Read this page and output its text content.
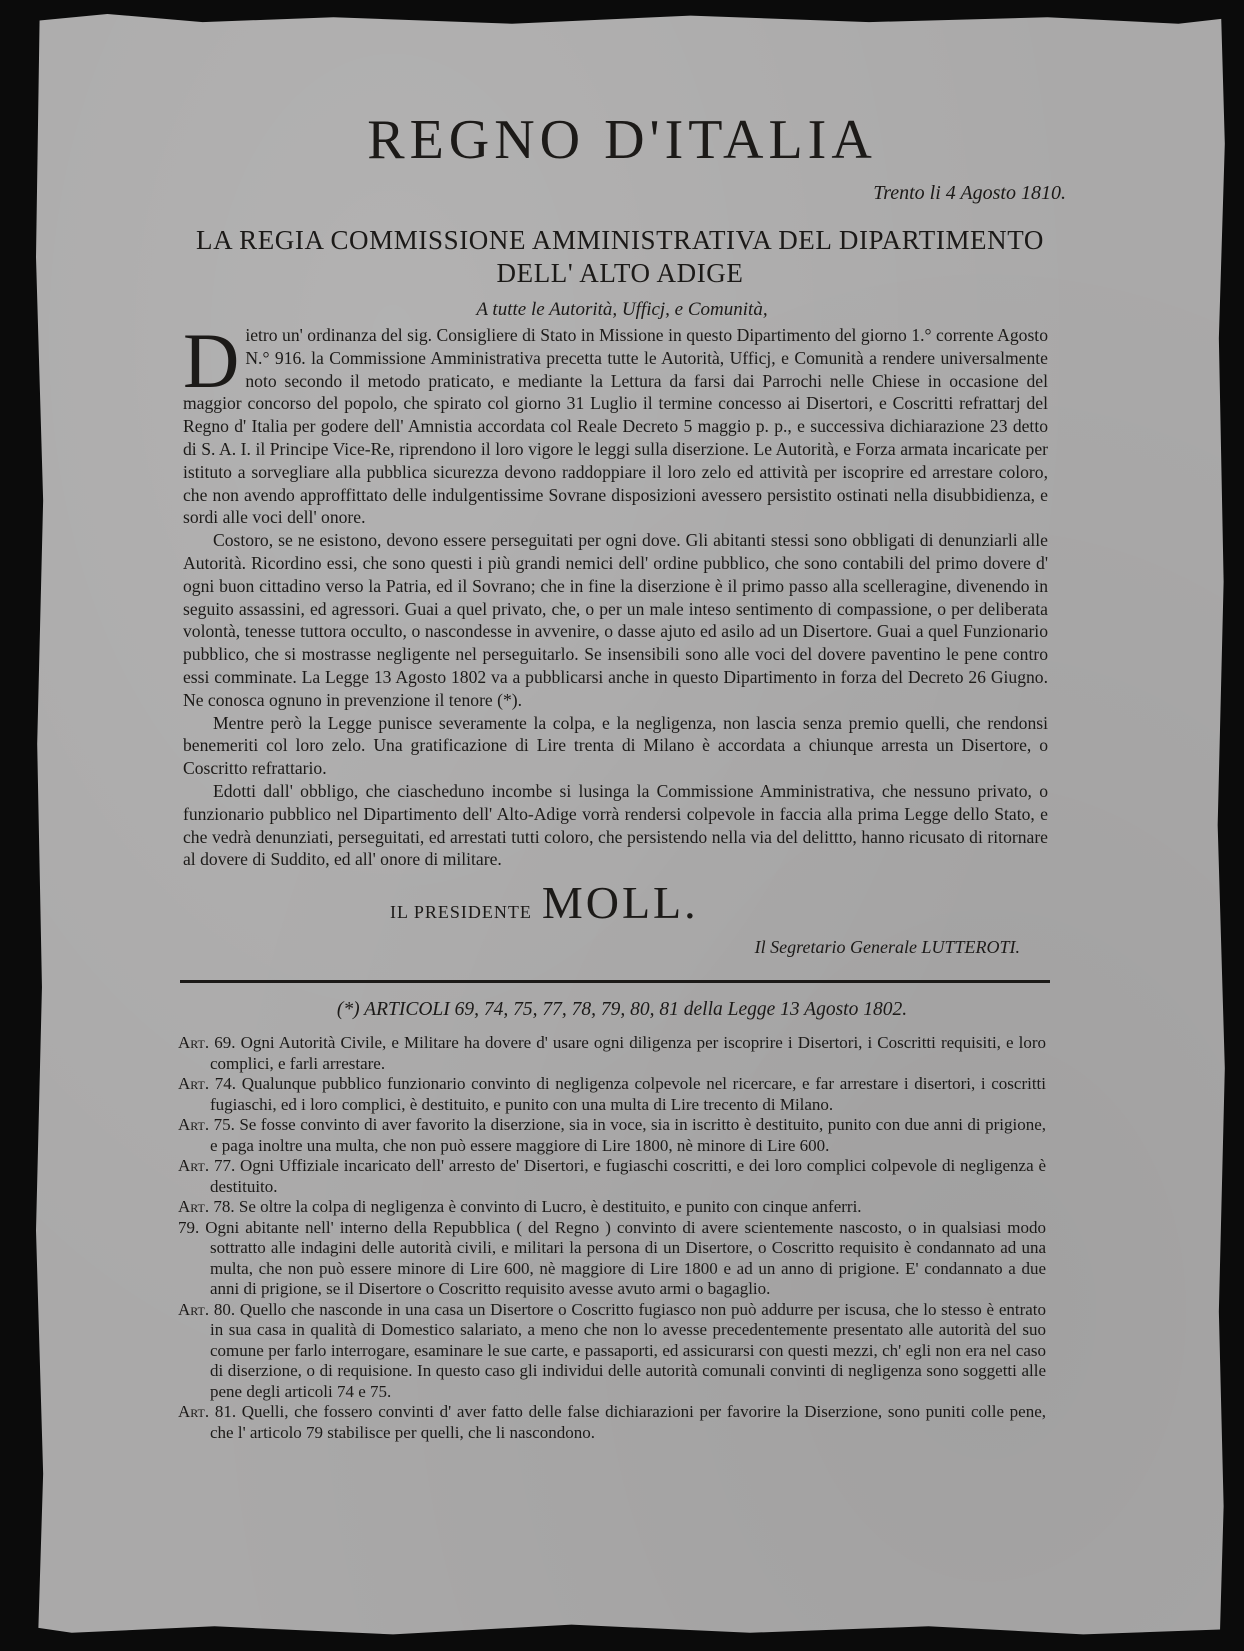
REGNO D'ITALIA
Trento li 4 Agosto 1810.
LA REGIA COMMISSIONE AMMINISTRATIVA DEL DIPARTIMENTO
DELL' ALTO ADIGE
A tutte le Autorità, Ufficj, e Comunità,

Dietro un' ordinanza del sig. Consigliere di Stato in Missione in questo Dipartimento del giorno 1.° corrente Agosto N.° 916. la Commissione Amministrativa precetta tutte le Autorità, Ufficj, e Comunità a rendere universalmente noto secondo il metodo praticato, e mediante la Lettura da farsi dai Parrochi nelle Chiese in occasione del maggior concorso del popolo, che spirato col giorno 31 Luglio il termine concesso ai Disertori, e Coscritti refrattarj del Regno d' Italia per godere dell' Amnistia accordata col Reale Decreto 5 maggio p. p., e successiva dichiarazione 23 detto di S. A. I. il Principe Vice-Re, riprendono il loro vigore le leggi sulla diserzione. Le Autorità, e Forza armata incaricate per istituto a sorvegliare alla pubblica sicurezza devono raddoppiare il loro zelo ed attività per iscoprire ed arrestare coloro, che non avendo approffittato delle indulgentissime Sovrane disposizioni avessero persistito ostinati nella disubbidienza, e sordi alle voci dell' onore.

Costoro, se ne esistono, devono essere perseguitati per ogni dove. Gli abitanti stessi sono obbligati di denunziarli alle Autorità. Ricordino essi, che sono questi i più grandi nemici dell' ordine pubblico, che sono contabili del primo dovere d' ogni buon cittadino verso la Patria, ed il Sovrano; che in fine la diserzione è il primo passo alla scelleragine, divenendo in seguito assassini, ed agressori. Guai a quel privato, che, o per un male inteso sentimento di compassione, o per deliberata volontà, tenesse tuttora occulto, o nascondesse in avvenire, o dasse ajuto ed asilo ad un Disertore. Guai a quel Funzionario pubblico, che si mostrasse negligente nel perseguitarlo. Se insensibili sono alle voci del dovere paventino le pene contro essi comminate. La Legge 13 Agosto 1802 va a pubblicarsi anche in questo Dipartimento in forza del Decreto 26 Giugno. Ne conosca ognuno in prevenzione il tenore (*).

Mentre però la Legge punisce severamente la colpa, e la negligenza, non lascia senza premio quelli, che rendonsi benemeriti col loro zelo. Una gratificazione di Lire trenta di Milano è accordata a chiunque arresta un Disertore, o Coscritto refrattario.

Edotti dall' obbligo, che ciascheduno incombe si lusinga la Commissione Amministrativa, che nessuno privato, o funzionario pubblico nel Dipartimento dell' Alto-Adige vorrà rendersi colpevole in faccia alla prima Legge dello Stato, e che vedrà denunziati, perseguitati, ed arrestati tutti coloro, che persistendo nella via del delittto, hanno ricusato di ritornare al dovere di Suddito, ed all' onore di militare.

IL PRESIDENTE MOLL.
Il Segretario Generale LUTTEROTI.
(*) ARTICOLI 69, 74, 75, 77, 78, 79, 80, 81 della Legge 13 Agosto 1802.

Art. 69. Ogni Autorità Civile, e Militare ha dovere d' usare ogni diligenza per iscoprire i Disertori, i Coscritti requisiti, e loro complici, e farli arrestare.

Art. 74. Qualunque pubblico funzionario convinto di negligenza colpevole nel ricercare, e far arrestare i disertori, i coscritti fugiaschi, ed i loro complici, è destituito, e punito con una multa di Lire trecento di Milano.

Art. 75. Se fosse convinto di aver favorito la diserzione, sia in voce, sia in iscritto è destituito, punito con due anni di prigione, e paga inoltre una multa, che non può essere maggiore di Lire 1800, nè minore di Lire 600.

Art. 77. Ogni Uffiziale incaricato dell' arresto de' Disertori, e fugiaschi coscritti, e dei loro complici colpevole di negligenza è destituito.

Art. 78. Se oltre la colpa di negligenza è convinto di Lucro, è destituito, e punito con cinque anferri.

79. Ogni abitante nell' interno della Repubblica ( del Regno ) convinto di avere scientemente nascosto, o in qualsiasi modo sottratto alle indagini delle autorità civili, e militari la persona di un Disertore, o Coscritto requisito è condannato ad una multa, che non può essere minore di Lire 600, nè maggiore di Lire 1800 e ad un anno di prigione. E' condannato a due anni di prigione, se il Disertore o Coscritto requisito avesse avuto armi o bagaglio.

Art. 80. Quello che nasconde in una casa un Disertore o Coscritto fugiasco non può addurre per iscusa, che lo stesso è entrato in sua casa in qualità di Domestico salariato, a meno che non lo avesse precedentemente presentato alle autorità del suo comune per farlo interrogare, esaminare le sue carte, e passaporti, ed assicurarsi con questi mezzi, ch' egli non era nel caso di diserzione, o di requisione. In questo caso gli individui delle autorità comunali convinti di negligenza sono soggetti alle pene degli articoli 74 e 75.

Art. 81. Quelli, che fossero convinti d' aver fatto delle false dichiarazioni per favorire la Diserzione, sono puniti colle pene, che l' articolo 79 stabilisce per quelli, che li nascondono.
